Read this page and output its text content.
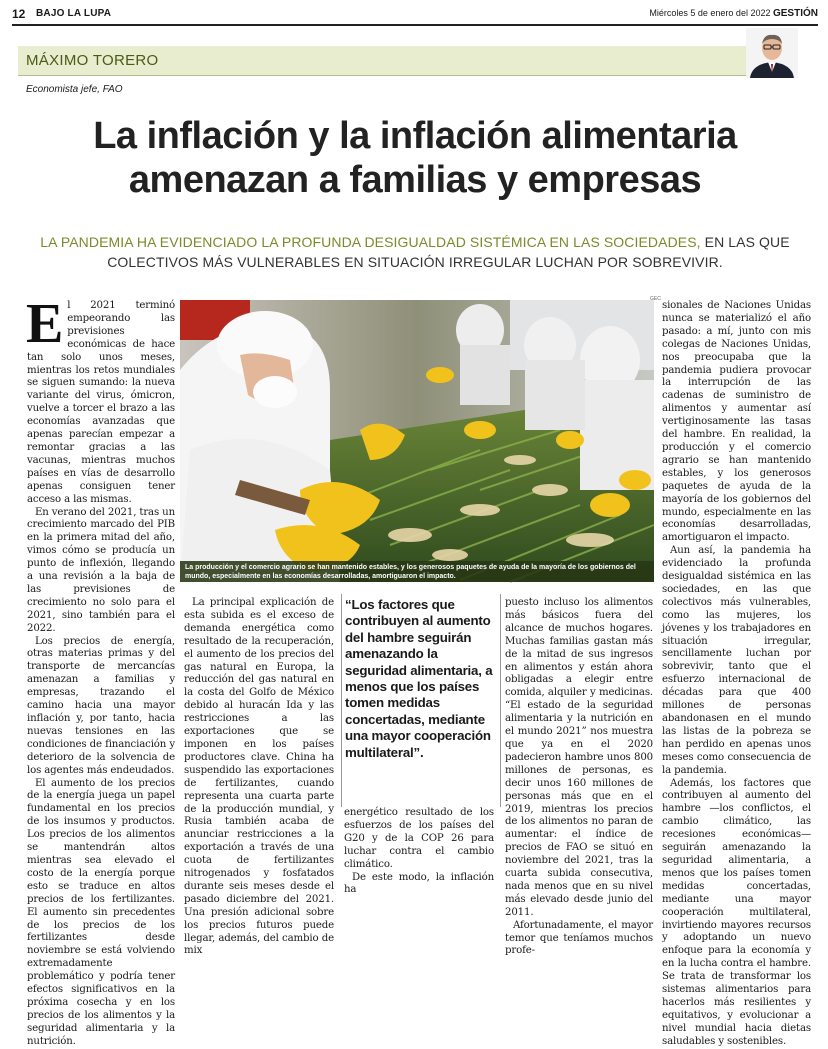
12 BAJO LA LUPA	Miércoles 5 de enero del 2022 GESTIÓN
MÁXIMO TORERO
Economista jefe, FAO
La inflación y la inflación alimentaria amenazan a familias y empresas
LA PANDEMIA HA EVIDENCIADO LA PROFUNDA DESIGUALDAD SISTÉMICA EN LAS SOCIEDADES, EN LAS QUE COLECTIVOS MÁS VULNERABLES EN SITUACIÓN IRREGULAR LUCHAN POR SOBREVIVIR.
E l 2021 terminó empeorando las previsiones económicas de hace tan solo unos meses, mientras los retos mundiales se siguen sumando: la nueva variante del virus, ómicron, vuelve a torcer el brazo a las economías avanzadas que apenas parecían empezar a remontar gracias a las vacunas, mientras muchos países en vías de desarrollo apenas consiguen tener acceso a las mismas.

En verano del 2021, tras un crecimiento marcado del PIB en la primera mitad del año, vimos cómo se producía un punto de inflexión, llegando a una revisión a la baja de las previsiones de crecimiento no solo para el 2021, sino también para el 2022.

Los precios de energía, otras materias primas y del transporte de mercancías amenazan a familias y empresas, trazando el camino hacia una mayor inflación y, por tanto, hacia nuevas tensiones en las condiciones de financiación y deterioro de la solvencia de los agentes más endeudados.

El aumento de los precios de la energía juega un papel fundamental en los precios de los insumos y productos. Los precios de los alimentos se mantendrán altos mientras sea elevado el costo de la energía porque esto se traduce en altos precios de los fertilizantes. El aumento sin precedentes de los precios de los fertilizantes desde noviembre se está volviendo extremadamente problemático y podría tener efectos significativos en la próxima cosecha y en los precios de los alimentos y la seguridad alimentaria y la nutrición.

GEC
La producción y el comercio agrario se han mantenido estables, y los generosos paquetes de ayuda de la mayoría de los gobiernos del mundo, especialmente en las economías desarrolladas, amortiguaron el impacto.

La principal explicación de esta subida es el exceso de demanda energética como resultado de la recuperación, el aumento de los precios del gas natural en Europa, la reducción del gas natural en la costa del Golfo de México debido al huracán Ida y las restricciones a las exportaciones que se imponen en los países productores clave. China ha suspendido las exportaciones de fertilizantes, cuando representa una cuarta parte de la producción mundial, y Rusia también acaba de anunciar restricciones a la exportación a través de una cuota de fertilizantes nitrogenados y fosfatados durante seis meses desde el pasado diciembre del 2021. Una presión adicional sobre los precios futuros puede llegar, además, del cambio de mix

“Los factores que contribuyen al aumento del hambre seguirán amenazando la seguridad alimentaria, a menos que los países tomen medidas concertadas, mediante una mayor cooperación multilateral”.

energético resultado de los esfuerzos de los países del G20 y de la COP 26 para luchar contra el cambio climático.

De este modo, la inflación ha

puesto incluso los alimentos más básicos fuera del alcance de muchos hogares. Muchas familias gastan más de la mitad de sus ingresos en alimentos y están ahora obligadas a elegir entre comida, alquiler y medicinas. “El estado de la seguridad alimentaria y la nutrición en el mundo 2021” nos muestra que ya en el 2020 padecieron hambre unos 800 millones de personas, es decir unos 160 millones de personas más que en el 2019, mientras los precios de los alimentos no paran de aumentar: el índice de precios de FAO se situó en noviembre del 2021, tras la cuarta subida consecutiva, nada menos que en su nivel más elevado desde junio del 2011.

Afortunadamente, el mayor temor que teníamos muchos profe-

sionales de Naciones Unidas nunca se materializó el año pasado: a mí, junto con mis colegas de Naciones Unidas, nos preocupaba que la pandemia pudiera provocar la interrupción de las cadenas de suministro de alimentos y aumentar así vertiginosamente las tasas del hambre. En realidad, la producción y el comercio agrario se han mantenido estables, y los generosos paquetes de ayuda de la mayoría de los gobiernos del mundo, especialmente en las economías desarrolladas, amortiguaron el impacto.

Aun así, la pandemia ha evidenciado la profunda desigualdad sistémica en las sociedades, en las que colectivos más vulnerables, como las mujeres, los jóvenes y los trabajadores en situación irregular, sencillamente luchan por sobrevivir, tanto que el esfuerzo internacional de décadas para que 400 millones de personas abandonasen en el mundo las listas de la pobreza se han perdido en apenas unos meses como consecuencia de la pandemia.

Además, los factores que contribuyen al aumento del hambre —los conflictos, el cambio climático, las recesiones económicas— seguirán amenazando la seguridad alimentaria, a menos que los países tomen medidas concertadas, mediante una mayor cooperación multilateral, invirtiendo mayores recursos y adoptando un nuevo enfoque para la economía y en la lucha contra el hambre. Se trata de transformar los sistemas alimentarios para hacerlos más resilientes y equitativos, y evolucionar a nivel mundial hacia dietas saludables y sostenibles.
